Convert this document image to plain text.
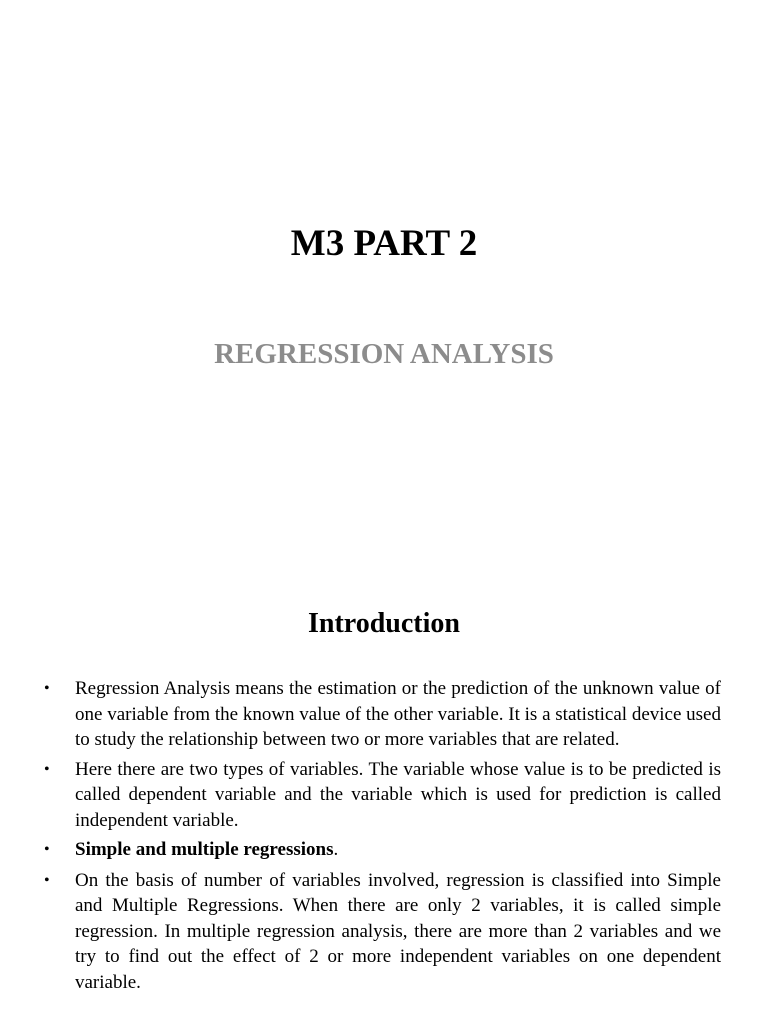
M3 PART 2
REGRESSION ANALYSIS
Introduction
• Regression Analysis means the estimation or the prediction of the unknown value of one variable from the known value of the other variable. It is a statistical device used to study the relationship between two or more variables that are related.
• Here there are two types of variables. The variable whose value is to be predicted is called dependent variable and the variable which is used for prediction is called independent variable.
• Simple and multiple regressions.
• On the basis of number of variables involved, regression is classified into Simple and Multiple Regressions. When there are only 2 variables, it is called simple regression. In multiple regression analysis, there are more than 2 variables and we try to find out the effect of 2 or more independent variables on one dependent variable.
